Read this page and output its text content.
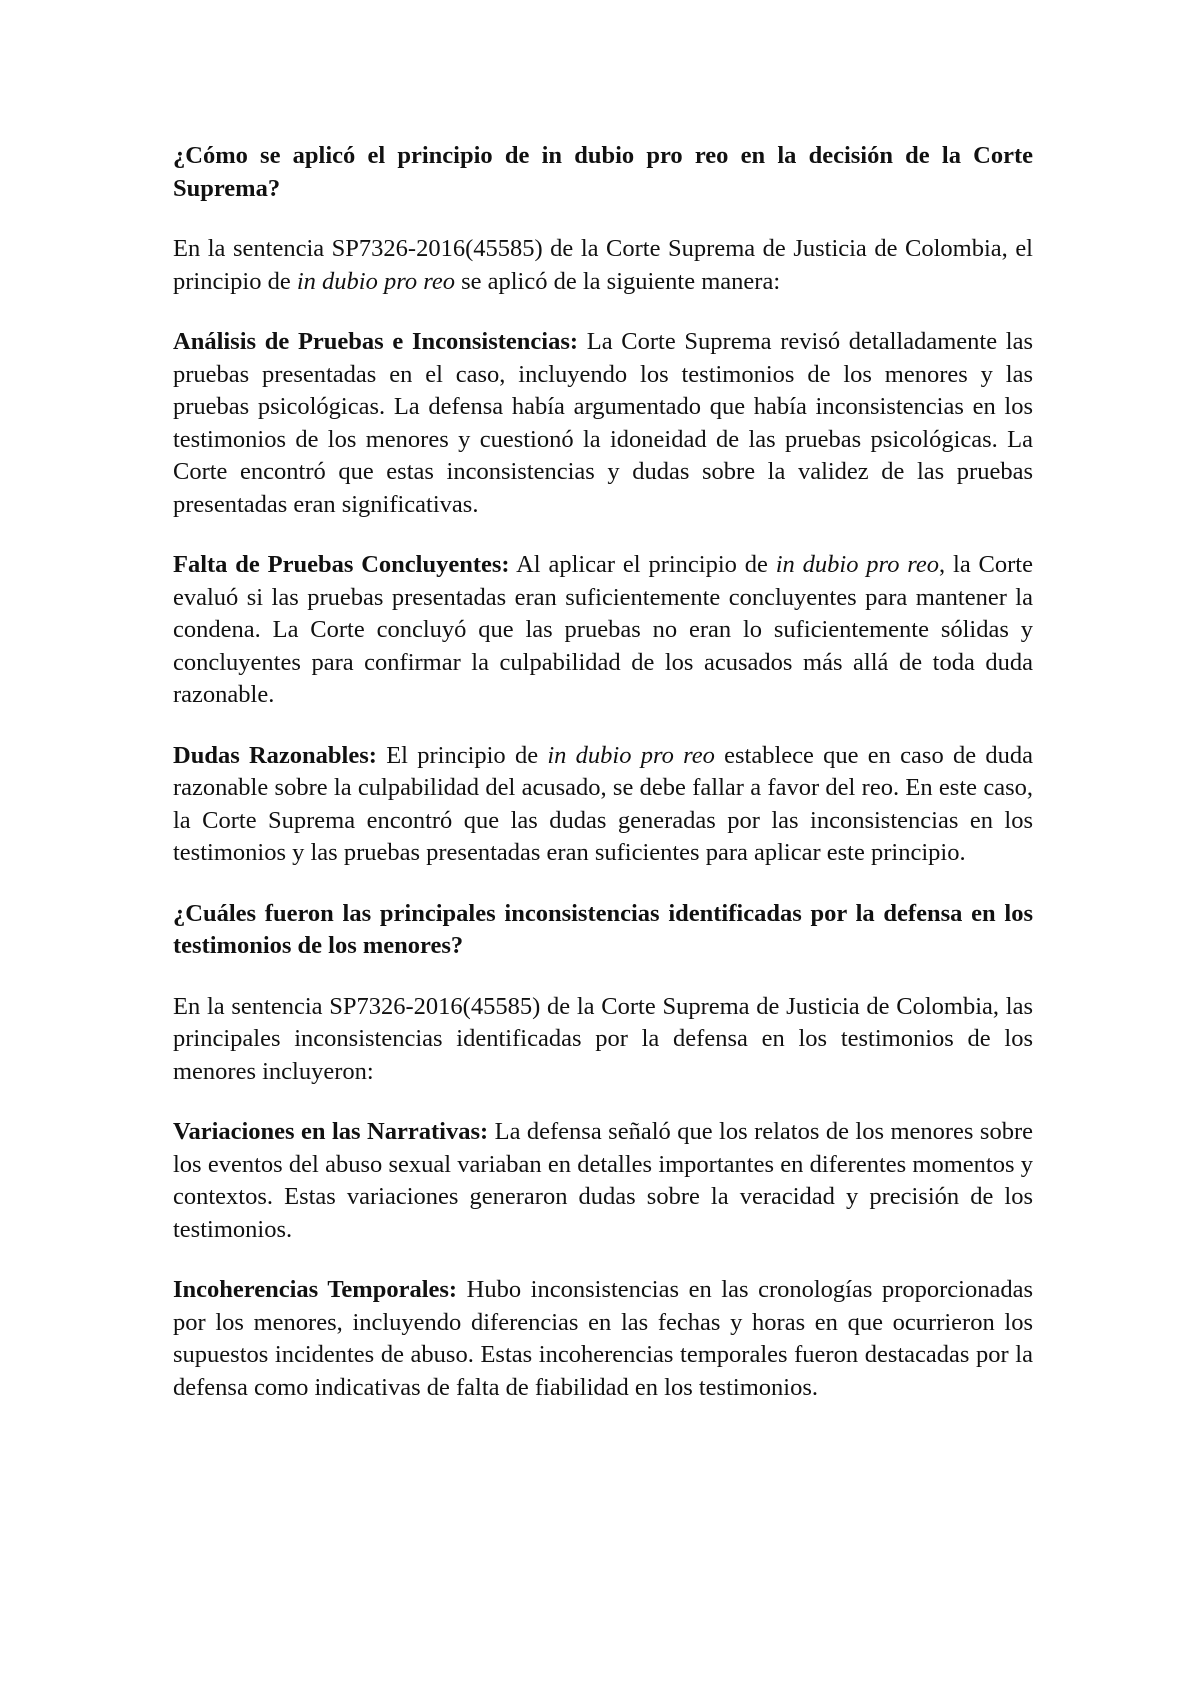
¿Cómo se aplicó el principio de in dubio pro reo en la decisión de la Corte Suprema?
En la sentencia SP7326-2016(45585) de la Corte Suprema de Justicia de Colombia, el principio de in dubio pro reo se aplicó de la siguiente manera:
Análisis de Pruebas e Inconsistencias: La Corte Suprema revisó detalladamente las pruebas presentadas en el caso, incluyendo los testimonios de los menores y las pruebas psicológicas. La defensa había argumentado que había inconsistencias en los testimonios de los menores y cuestionó la idoneidad de las pruebas psicológicas. La Corte encontró que estas inconsistencias y dudas sobre la validez de las pruebas presentadas eran significativas.
Falta de Pruebas Concluyentes: Al aplicar el principio de in dubio pro reo, la Corte evaluó si las pruebas presentadas eran suficientemente concluyentes para mantener la condena. La Corte concluyó que las pruebas no eran lo suficientemente sólidas y concluyentes para confirmar la culpabilidad de los acusados más allá de toda duda razonable.
Dudas Razonables: El principio de in dubio pro reo establece que en caso de duda razonable sobre la culpabilidad del acusado, se debe fallar a favor del reo. En este caso, la Corte Suprema encontró que las dudas generadas por las inconsistencias en los testimonios y las pruebas presentadas eran suficientes para aplicar este principio.
¿Cuáles fueron las principales inconsistencias identificadas por la defensa en los testimonios de los menores?
En la sentencia SP7326-2016(45585) de la Corte Suprema de Justicia de Colombia, las principales inconsistencias identificadas por la defensa en los testimonios de los menores incluyeron:
Variaciones en las Narrativas: La defensa señaló que los relatos de los menores sobre los eventos del abuso sexual variaban en detalles importantes en diferentes momentos y contextos. Estas variaciones generaron dudas sobre la veracidad y precisión de los testimonios.
Incoherencias Temporales: Hubo inconsistencias en las cronologías proporcionadas por los menores, incluyendo diferencias en las fechas y horas en que ocurrieron los supuestos incidentes de abuso. Estas incoherencias temporales fueron destacadas por la defensa como indicativas de falta de fiabilidad en los testimonios.
